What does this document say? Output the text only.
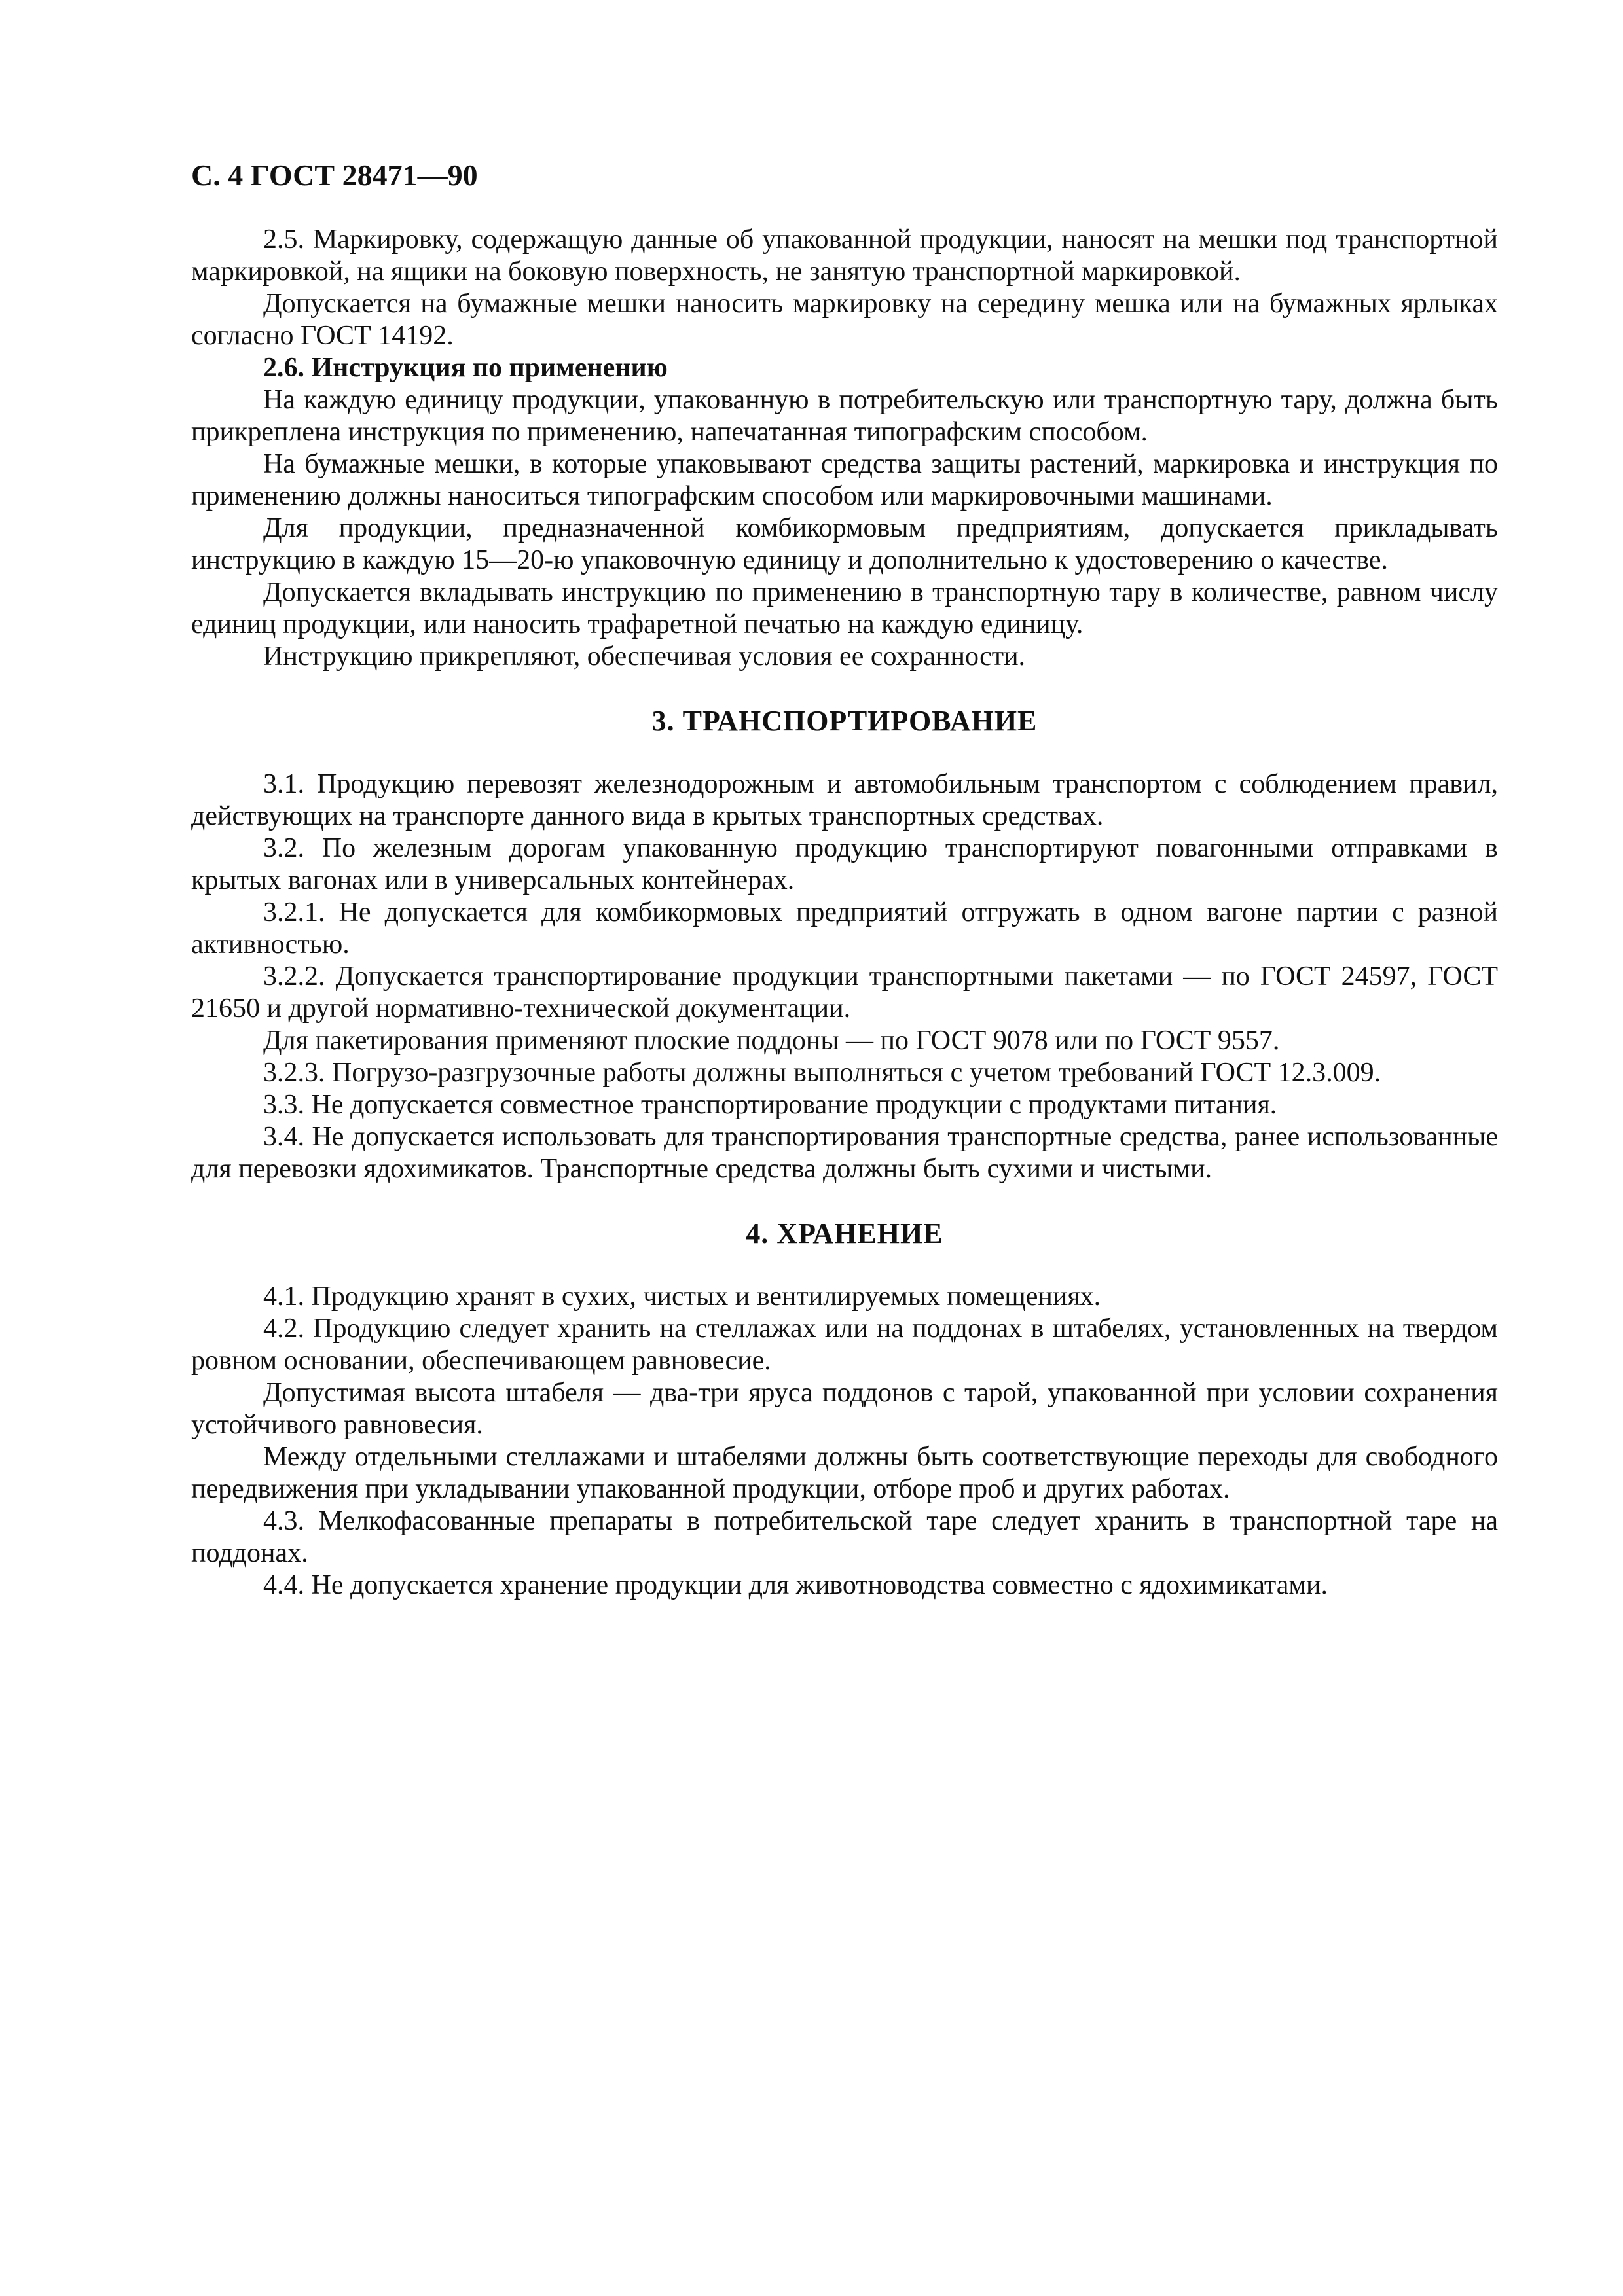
С. 4 ГОСТ 28471—90

2.5. Маркировку, содержащую данные об упакованной продукции, наносят на мешки под транспортной маркировкой, на ящики на боковую поверхность, не занятую транспортной маркировкой.

Допускается на бумажные мешки наносить маркировку на середину мешка или на бумажных ярлыках согласно ГОСТ 14192.

2.6. Инструкция по применению

На каждую единицу продукции, упакованную в потребительскую или транспортную тару, должна быть прикреплена инструкция по применению, напечатанная типографским способом.

На бумажные мешки, в которые упаковывают средства защиты растений, маркировка и инструкция по применению должны наноситься типографским способом или маркировочными машинами.

Для продукции, предназначенной комбикормовым предприятиям, допускается прикладывать инструкцию в каждую 15—20-ю упаковочную единицу и дополнительно к удостоверению о качестве.

Допускается вкладывать инструкцию по применению в транспортную тару в количестве, равном числу единиц продукции, или наносить трафаретной печатью на каждую единицу.

Инструкцию прикрепляют, обеспечивая условия ее сохранности.

3. ТРАНСПОРТИРОВАНИЕ

3.1. Продукцию перевозят железнодорожным и автомобильным транспортом с соблюдением правил, действующих на транспорте данного вида в крытых транспортных средствах.

3.2. По железным дорогам упакованную продукцию транспортируют повагонными отправками в крытых вагонах или в универсальных контейнерах.

3.2.1. Не допускается для комбикормовых предприятий отгружать в одном вагоне партии с разной активностью.

3.2.2. Допускается транспортирование продукции транспортными пакетами — по ГОСТ 24597, ГОСТ 21650 и другой нормативно-технической документации.

Для пакетирования применяют плоские поддоны — по ГОСТ 9078 или по ГОСТ 9557.

3.2.3. Погрузо-разгрузочные работы должны выполняться с учетом требований ГОСТ 12.3.009.

3.3. Не допускается совместное транспортирование продукции с продуктами питания.

3.4. Не допускается использовать для транспортирования транспортные средства, ранее использованные для перевозки ядохимикатов. Транспортные средства должны быть сухими и чистыми.

4. ХРАНЕНИЕ

4.1. Продукцию хранят в сухих, чистых и вентилируемых помещениях.

4.2. Продукцию следует хранить на стеллажах или на поддонах в штабелях, установленных на твердом ровном основании, обеспечивающем равновесие.

Допустимая высота штабеля — два-три яруса поддонов с тарой, упакованной при условии сохранения устойчивого равновесия.

Между отдельными стеллажами и штабелями должны быть соответствующие переходы для свободного передвижения при укладывании упакованной продукции, отборе проб и других работах.

4.3. Мелкофасованные препараты в потребительской таре следует хранить в транспортной таре на поддонах.

4.4. Не допускается хранение продукции для животноводства совместно с ядохимикатами.
